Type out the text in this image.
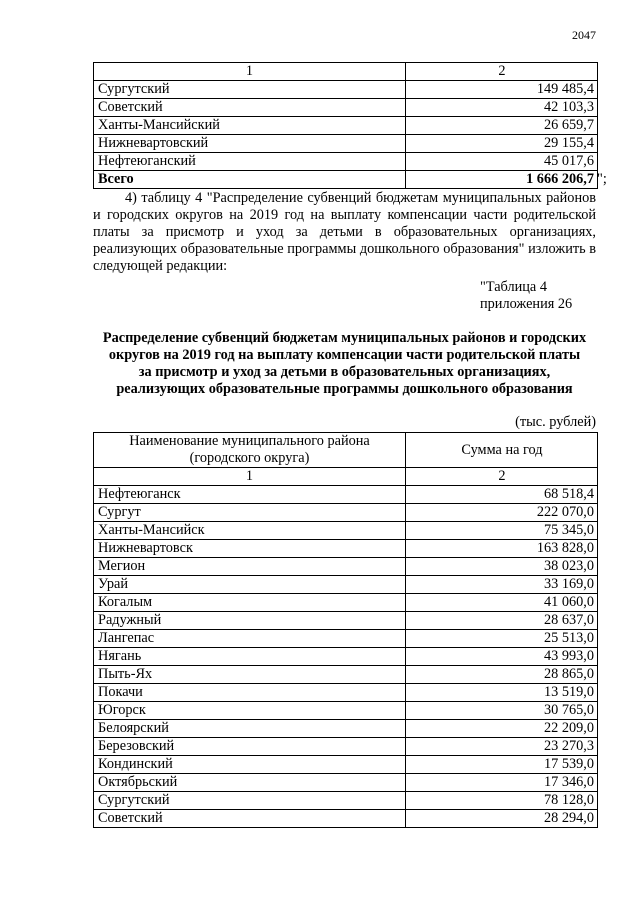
2047
1	2
Сургутский	149 485,4
Советский	42 103,3
Ханты-Мансийский	26 659,7
Нижневартовский	29 155,4
Нефтеюганский	45 017,6
Всего	1 666 206,7 ";

4) таблицу 4 "Распределение субвенций бюджетам муниципальных районов и городских округов на 2019 год на выплату компенсации части родительской платы за присмотр и уход за детьми в образовательных организациях, реализующих образовательные программы дошкольного образования" изложить в следующей редакции:

"Таблица 4
приложения 26
Распределение субвенций бюджетам муниципальных районов и городских
округов на 2019 год на выплату компенсации части родительской платы
за присмотр и уход за детьми в образовательных организациях,
реализующих образовательные программы дошкольного образования
(тыс. рублей)
Наименование муниципального района (городского округа)	Сумма на год
1	2
Нефтеюганск	68 518,4
Сургут	222 070,0
Ханты-Мансийск	75 345,0
Нижневартовск	163 828,0
Мегион	38 023,0
Урай	33 169,0
Когалым	41 060,0
Радужный	28 637,0
Лангепас	25 513,0
Нягань	43 993,0
Пыть-Ях	28 865,0
Покачи	13 519,0
Югорск	30 765,0
Белоярский	22 209,0
Березовский	23 270,3
Кондинский	17 539,0
Октябрьский	17 346,0
Сургутский	78 128,0
Советский	28 294,0
